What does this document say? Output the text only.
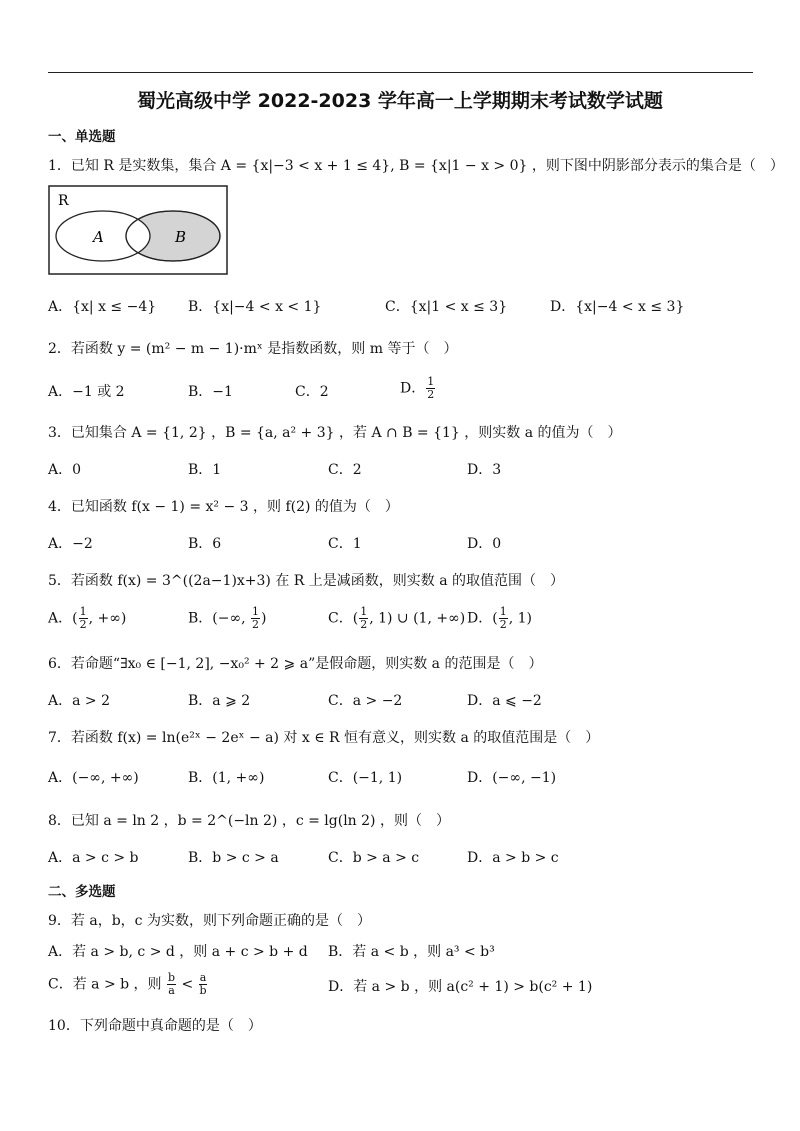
蜀光高级中学 2022-2023 学年高一上学期期末考试数学试题
一、单选题
1．已知 R 是实数集，集合 A = {x|−3 < x + 1 ≤ 4}, B = {x|1 − x > 0} ，则下图中阴影部分表示的集合是（　）
R
A	B
A．{x| x ≤ −4} B．{x|−4 < x < 1}	C．{x|1 < x ≤ 3}	D．{x|−4 < x ≤ 3}
2．若函数 y = (m² − m − 1)·mˣ 是指数函数，则 m 等于（　）
A．−1 或 2	B．−1	C．2	D． $\frac{1}{2}$
3．已知集合 A = {1, 2} ，B = {a, a² + 3} ，若 A ∩ B = {1} ，则实数 a 的值为（　）
A．0	B．1	C．2	D．3
4．已知函数 f(x − 1) = x² − 3 ，则 f(2) 的值为（　）
A．−2	B．6	C．1	D．0
5．若函数 f(x) = 3^((2a−1)x+3) 在 R 上是减函数，则实数 a 的取值范围（　）
A．( $\frac{1}{2}$ , +∞)	B．(−∞, $\frac{1}{2}$ )	C．( $\frac{1}{2}$ , 1) ∪ (1, +∞) D．( $\frac{1}{2}$ , 1)
6．若命题“∃x₀ ∈ [−1, 2], −x₀² + 2 ⩾ a”是假命题，则实数 a 的范围是（　）
A．a > 2	B．a ⩾ 2	C．a > −2	D．a ⩽ −2
7．若函数 f(x) = ln(e²ˣ − 2eˣ − a) 对 x ∈ R 恒有意义，则实数 a 的取值范围是（　）
A．(−∞, +∞)	B．(1, +∞)	C．(−1, 1)	D．(−∞, −1)
8．已知 a = ln 2 ，b = 2^(−ln 2) ，c = lg(ln 2) ，则（　）
A．a > c > b	B．b > c > a	C．b > a > c	D．a > b > c
二、多选题
9．若 a，b，c 为实数，则下列命题正确的是（　）
A．若 a > b, c > d ，则 a + c > b + d B．若 a < b ，则 a³ < b³
C．若 a > b ，则 $\frac{b}{a} < \frac{a}{b}$	D．若 a > b ，则 a(c² + 1) > b(c² + 1)
10．下列命题中真命题的是（　）
